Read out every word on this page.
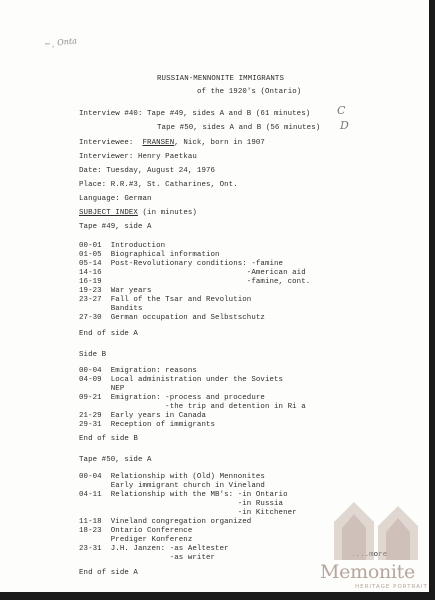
~¸ Onta
RUSSIAN-MENNONITE IMMIGRANTS
of the 1920's (Ontario)
Interview #40: Tape #49, sides A and B (61 minutes) C
Tape #50, sides A and B (56 minutes) D
Interviewee: FRANSEN, Nick, born in 1907
Interviewer: Henry Paetkau
Date: Tuesday, August 24, 1976
Place: R.R.#3, St. Catharines, Ont.
Language: German
SUBJECT INDEX (in minutes)
Tape #49, side A
00-01  Introduction
01-05  Biographical information
05-14  Post-Revolutionary conditions: -famine
14-16                                -American aid
16-19                                -famine, cont.
19-23  War years
23-27  Fall of the Tsar and Revolution
Bandits
27-30  German occupation and Selbstschutz
End of side A
Side B
00-04  Emigration: reasons
04-09  Local administration under the Soviets
NEP
09-21  Emigration: -process and procedure
-the trip and detention in Ri a
21-29  Early years in Canada
29-31  Reception of immigrants
End of side B
Tape #50, side A
00-04  Relationship with (Old) Mennonites
Early immigrant church in Vineland
04-11  Relationship with the MB's: -in Ontario
-in Russia
-in Kitchener
11-18  Vineland congregation organized
18-23  Ontario Conference
Prediger Konferenz
23-31  J.H. Janzen: -as Aeltester
-as writer
End of side A	Memonite
HERITAGE PORTRAIT
